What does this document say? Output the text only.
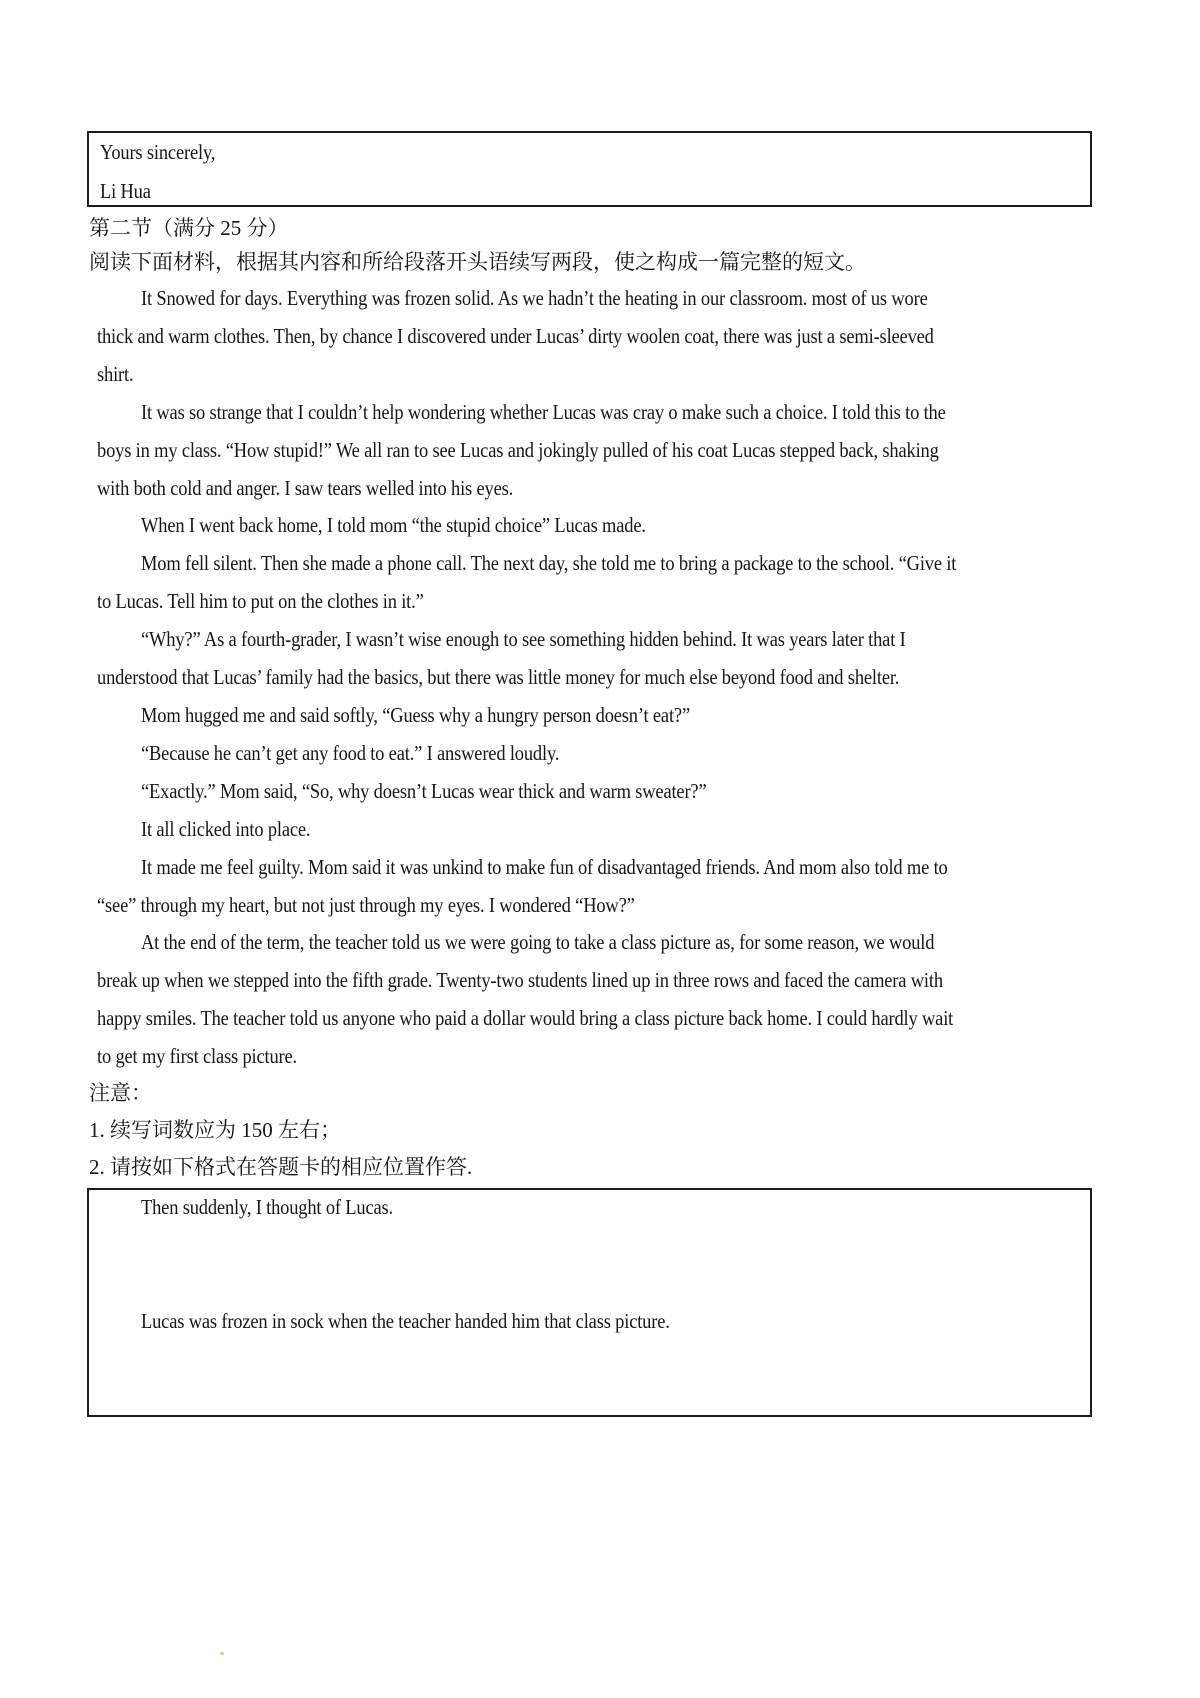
Yours sincerely,
Li Hua
第二节（满分 25 分）
阅读下面材料，根据其内容和所给段落开头语续写两段，使之构成一篇完整的短文。
It Snowed for days. Everything was frozen solid. As we hadn’t the heating in our classroom. most of us wore
thick and warm clothes. Then, by chance I discovered under Lucas’ dirty woolen coat, there was just a semi-sleeved
shirt.
It was so strange that I couldn’t help wondering whether Lucas was cray o make such a choice. I told this to the
boys in my class. “How stupid!” We all ran to see Lucas and jokingly pulled of his coat Lucas stepped back, shaking
with both cold and anger. I saw tears welled into his eyes.
When I went back home, I told mom “the stupid choice” Lucas made.
Mom fell silent. Then she made a phone call. The next day, she told me to bring a package to the school. “Give it
to Lucas. Tell him to put on the clothes in it.”
“Why?” As a fourth-grader, I wasn’t wise enough to see something hidden behind. It was years later that I
understood that Lucas’ family had the basics, but there was little money for much else beyond food and shelter.
Mom hugged me and said softly, “Guess why a hungry person doesn’t eat?”
“Because he can’t get any food to eat.” I answered loudly.
“Exactly.” Mom said, “So, why doesn’t Lucas wear thick and warm sweater?”
It all clicked into place.
It made me feel guilty. Mom said it was unkind to make fun of disadvantaged friends. And mom also told me to
“see” through my heart, but not just through my eyes. I wondered “How?”
At the end of the term, the teacher told us we were going to take a class picture as, for some reason, we would
break up when we stepped into the fifth grade. Twenty-two students lined up in three rows and faced the camera with
happy smiles. The teacher told us anyone who paid a dollar would bring a class picture back home. I could hardly wait
to get my first class picture.
注意：
1. 续写词数应为 150 左右；
2. 请按如下格式在答题卡的相应位置作答.
Then suddenly, I thought of Lucas.
Lucas was frozen in sock when the teacher handed him that class picture.
